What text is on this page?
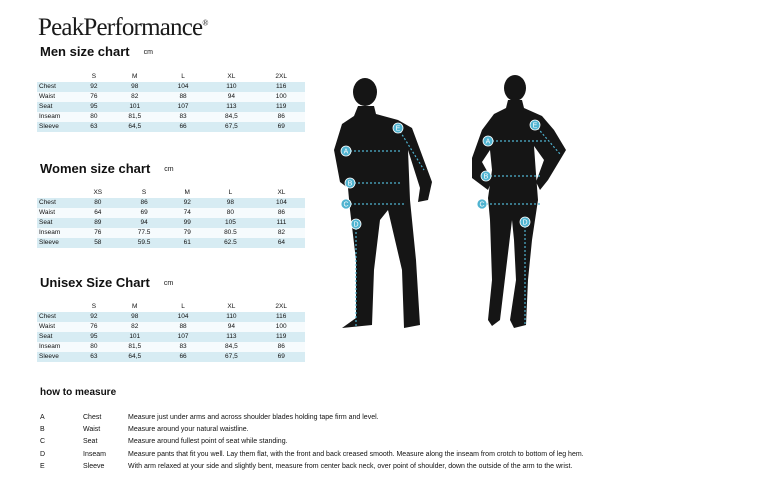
PeakPerformance®
Men size chart cm
	S	M	L	XL	2XL
Chest	92	98	104	110	116
Waist	76	82	88	94	100
Seat	95	101	107	113	119
Inseam	80	81,5	83	84,5	86
Sleeve	63	64,5	66	67,5	69
Women size chart cm
	XS	S	M	L	XL
Chest	80	86	92	98	104
Waist	64	69	74	80	86
Seat	89	94	99	105	111
Inseam	76	77.5	79	80.5	82
Sleeve	58	59.5	61	62.5	64
Unisex Size Chart cm
	S	M	L	XL	2XL
Chest	92	98	104	110	116
Waist	76	82	88	94	100
Seat	95	101	107	113	119
Inseam	80	81,5	83	84,5	86
Sleeve	63	64,5	66	67,5	69
A
B
C
D
E
A
B
C
D
E
how to measure
A	Chest	Measure just under arms and across shoulder blades holding tape firm and level.
B	Waist	Measure around your natural waistline.
C	Seat	Measure around fullest point of seat while standing.
D	Inseam	Measure pants that fit you well. Lay them flat, with the front and back creased smooth. Measure along the inseam from crotch to bottom of leg hem.
E	Sleeve	With arm relaxed at your side and slightly bent, measure from center back neck, over point of shoulder, down the outside of the arm to the wrist.
